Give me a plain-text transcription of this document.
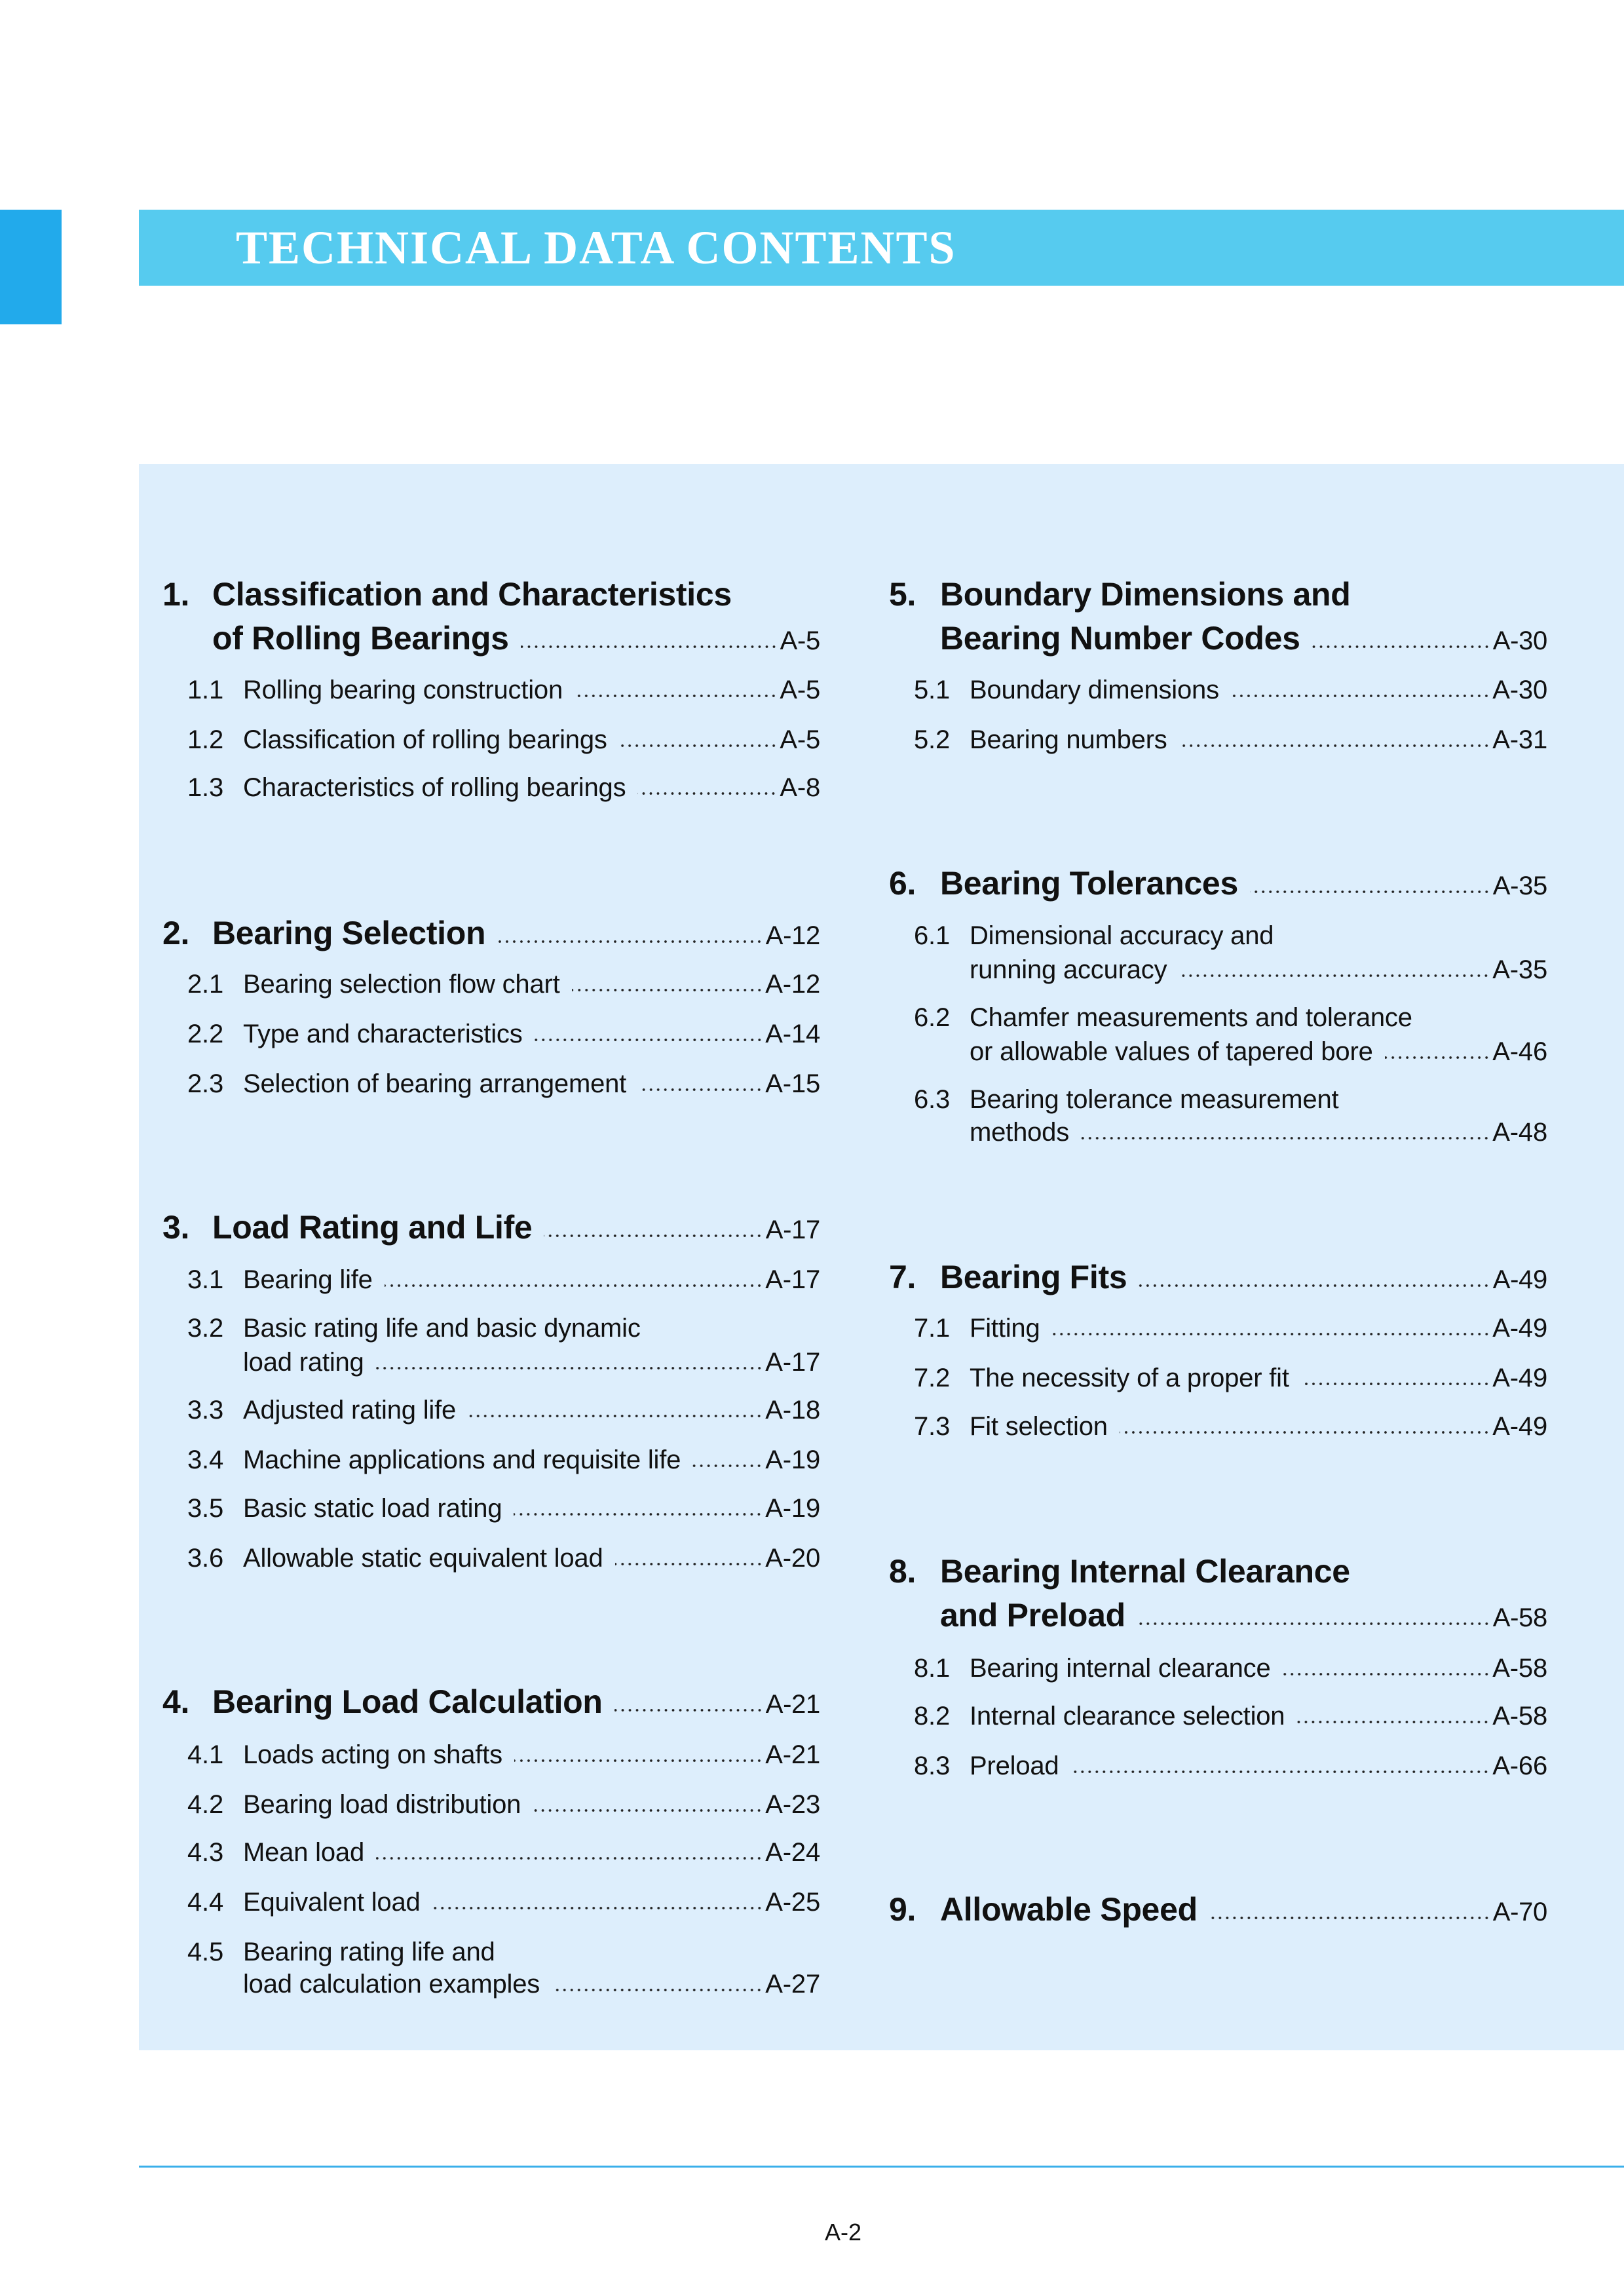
TECHNICAL DATA CONTENTS
1. Classification and Characteristics
of Rolling Bearings	A-5
1.1 Rolling bearing construction	A-5
1.2 Classification of rolling bearings	A-5
1.3 Characteristics of rolling bearings	A-8
2. Bearing Selection	A-12
2.1 Bearing selection flow chart	A-12
2.2 Type and characteristics	A-14
2.3 Selection of bearing arrangement	A-15
3. Load Rating and Life	A-17
3.1 Bearing life	A-17
3.2 Basic rating life and basic dynamic
load rating	A-17
3.3 Adjusted rating life	A-18
3.4 Machine applications and requisite life	A-19
3.5 Basic static load rating	A-19
3.6 Allowable static equivalent load	A-20
4. Bearing Load Calculation	A-21
4.1 Loads acting on shafts	A-21
4.2 Bearing load distribution	A-23
4.3 Mean load	A-24
4.4 Equivalent load	A-25
4.5 Bearing rating life and
load calculation examples	A-27
5. Boundary Dimensions and
Bearing Number Codes	A-30
5.1 Boundary dimensions	A-30
5.2 Bearing numbers	A-31
6. Bearing Tolerances	A-35
6.1 Dimensional accuracy and
running accuracy	A-35
6.2 Chamfer measurements and tolerance
or allowable values of tapered bore	A-46
6.3 Bearing tolerance measurement
methods	A-48
7. Bearing Fits	A-49
7.1 Fitting	A-49
7.2 The necessity of a proper fit	A-49
7.3 Fit selection	A-49
8. Bearing Internal Clearance
and Preload	A-58
8.1 Bearing internal clearance	A-58
8.2 Internal clearance selection	A-58
8.3 Preload	A-66
9. Allowable Speed	A-70
A-2
